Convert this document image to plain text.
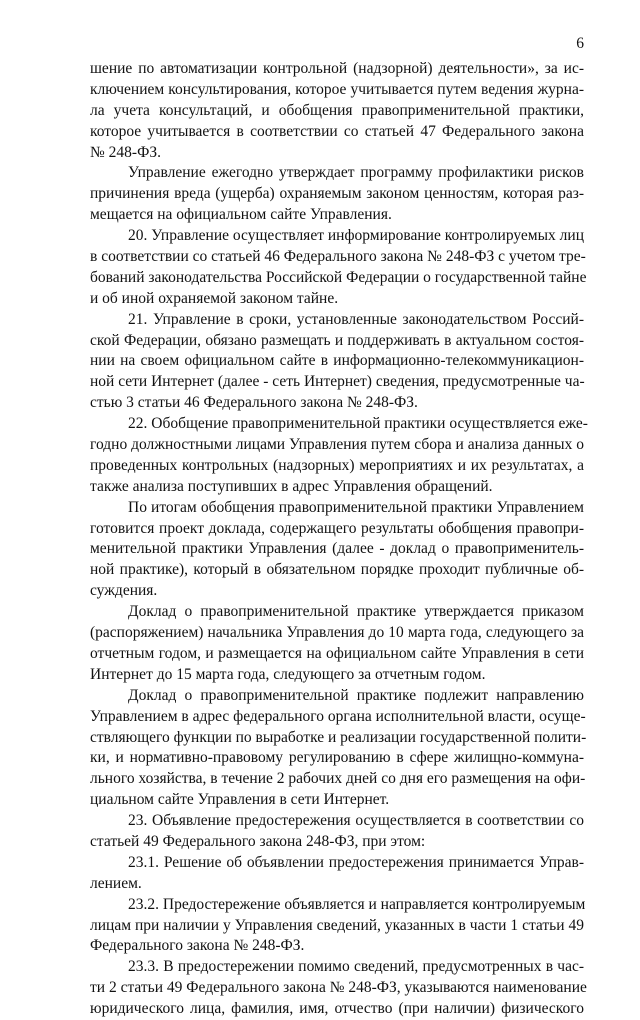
6
шение по автоматизации контрольной (надзорной) деятельности», за ис-
ключением консультирования, которое учитывается путем ведения журна-
ла учета консультаций, и обобщения правоприменительной практики,
которое учитывается в соответствии со статьей 47 Федерального закона
№ 248-ФЗ.
Управление ежегодно утверждает программу профилактики рисков
причинения вреда (ущерба) охраняемым законом ценностям, которая раз-
мещается на официальном сайте Управления.
20. Управление осуществляет информирование контролируемых лиц
в соответствии со статьей 46 Федерального закона № 248-ФЗ с учетом тре-
бований законодательства Российской Федерации о государственной тайне
и об иной охраняемой законом тайне.
21. Управление в сроки, установленные законодательством Россий-
ской Федерации, обязано размещать и поддерживать в актуальном состоя-
нии на своем официальном сайте в информационно-телекоммуникацион-
ной сети Интернет (далее - сеть Интернет) сведения, предусмотренные ча-
стью 3 статьи 46 Федерального закона № 248-ФЗ.
22. Обобщение правоприменительной практики осуществляется еже-
годно должностными лицами Управления путем сбора и анализа данных о
проведенных контрольных (надзорных) мероприятиях и их результатах, а
также анализа поступивших в адрес Управления обращений.
По итогам обобщения правоприменительной практики Управлением
готовится проект доклада, содержащего результаты обобщения правопри-
менительной практики Управления (далее - доклад о правоприменитель-
ной практике), который в обязательном порядке проходит публичные об-
суждения.
Доклад о правоприменительной практике утверждается приказом
(распоряжением) начальника Управления до 10 марта года, следующего за
отчетным годом, и размещается на официальном сайте Управления в сети
Интернет до 15 марта года, следующего за отчетным годом.
Доклад о правоприменительной практике подлежит направлению
Управлением в адрес федерального органа исполнительной власти, осуще-
ствляющего функции по выработке и реализации государственной полити-
ки, и нормативно-правовому регулированию в сфере жилищно-коммуна-
льного хозяйства, в течение 2 рабочих дней со дня его размещения на офи-
циальном сайте Управления в сети Интернет.
23. Объявление предостережения осуществляется в соответствии со
статьей 49 Федерального закона 248-ФЗ, при этом:
23.1. Решение об объявлении предостережения принимается Управ-
лением.
23.2. Предостережение объявляется и направляется контролируемым
лицам при наличии у Управления сведений, указанных в части 1 статьи 49
Федерального закона № 248-ФЗ.
23.3. В предостережении помимо сведений, предусмотренных в час-
ти 2 статьи 49 Федерального закона № 248-ФЗ, указываются наименование
юридического лица, фамилия, имя, отчество (при наличии) физического
